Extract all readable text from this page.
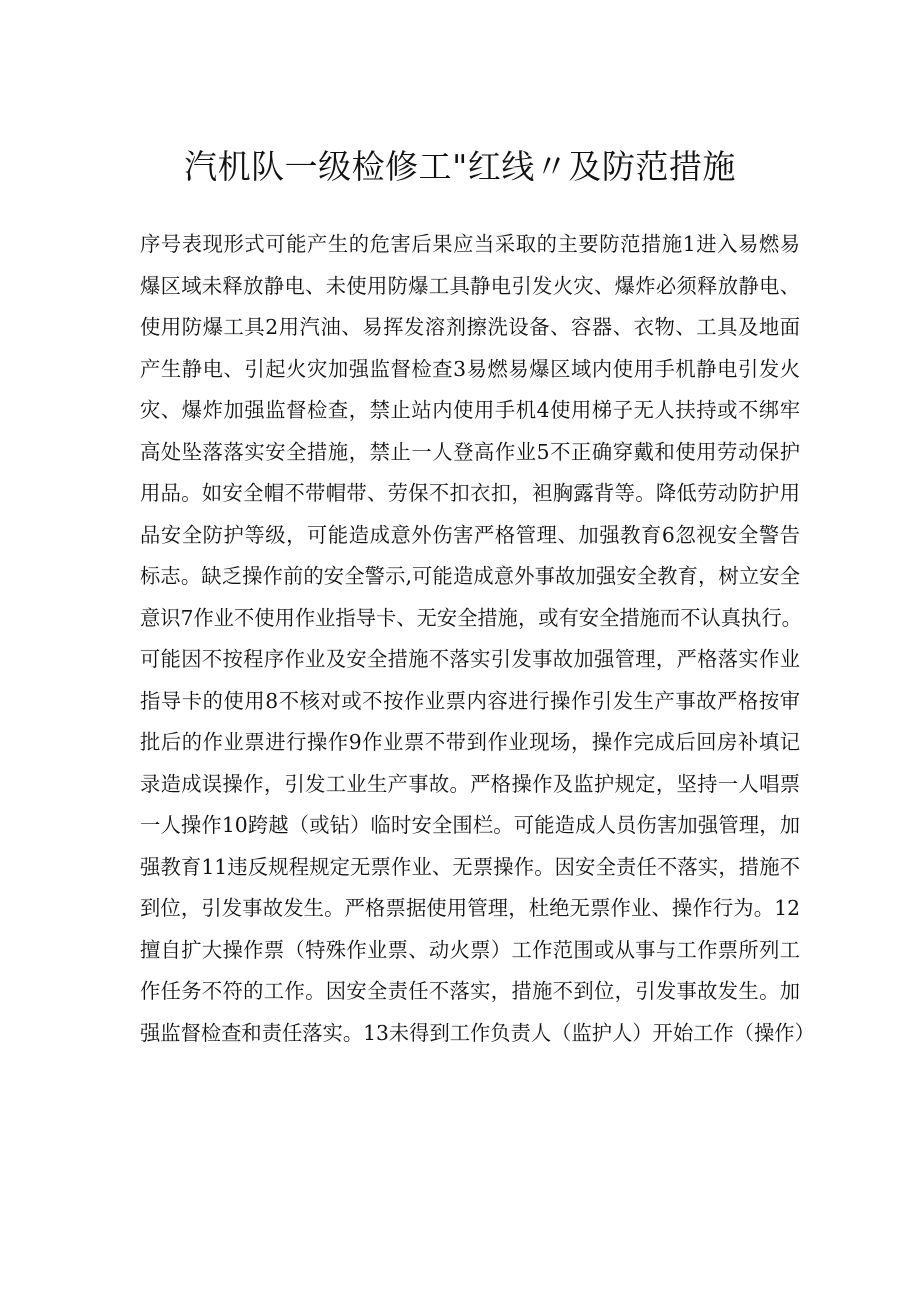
汽机队一级检修工"红线〃及防范措施
序号表现形式可能产生的危害后果应当采取的主要防范措施1进入易燃易
爆区域未释放静电、未使用防爆工具静电引发火灾、爆炸必须释放静电、
使用防爆工具2用汽油、易挥发溶剂擦洗设备、容器、衣物、工具及地面
产生静电、引起火灾加强监督检查3易燃易爆区域内使用手机静电引发火
灾、爆炸加强监督检查，禁止站内使用手机4使用梯子无人扶持或不绑牢
高处坠落落实安全措施，禁止一人登高作业5不正确穿戴和使用劳动保护
用品。如安全帽不带帽带、劳保不扣衣扣，袒胸露背等。降低劳动防护用
品安全防护等级，可能造成意外伤害严格管理、加强教育6忽视安全警告
标志。缺乏操作前的安全警示,可能造成意外事故加强安全教育，树立安全
意识7作业不使用作业指导卡、无安全措施，或有安全措施而不认真执行。
可能因不按程序作业及安全措施不落实引发事故加强管理，严格落实作业
指导卡的使用8不核对或不按作业票内容进行操作引发生产事故严格按审
批后的作业票进行操作9作业票不带到作业现场，操作完成后回房补填记
录造成误操作，引发工业生产事故。严格操作及监护规定，坚持一人唱票
一人操作10跨越（或钻）临时安全围栏。可能造成人员伤害加强管理，加
强教育11违反规程规定无票作业、无票操作。因安全责任不落实，措施不
到位，引发事故发生。严格票据使用管理，杜绝无票作业、操作行为。12
擅自扩大操作票（特殊作业票、动火票）工作范围或从事与工作票所列工
作任务不符的工作。因安全责任不落实，措施不到位，引发事故发生。加
强监督检查和责任落实。13未得到工作负责人（监护人）开始工作（操作）
